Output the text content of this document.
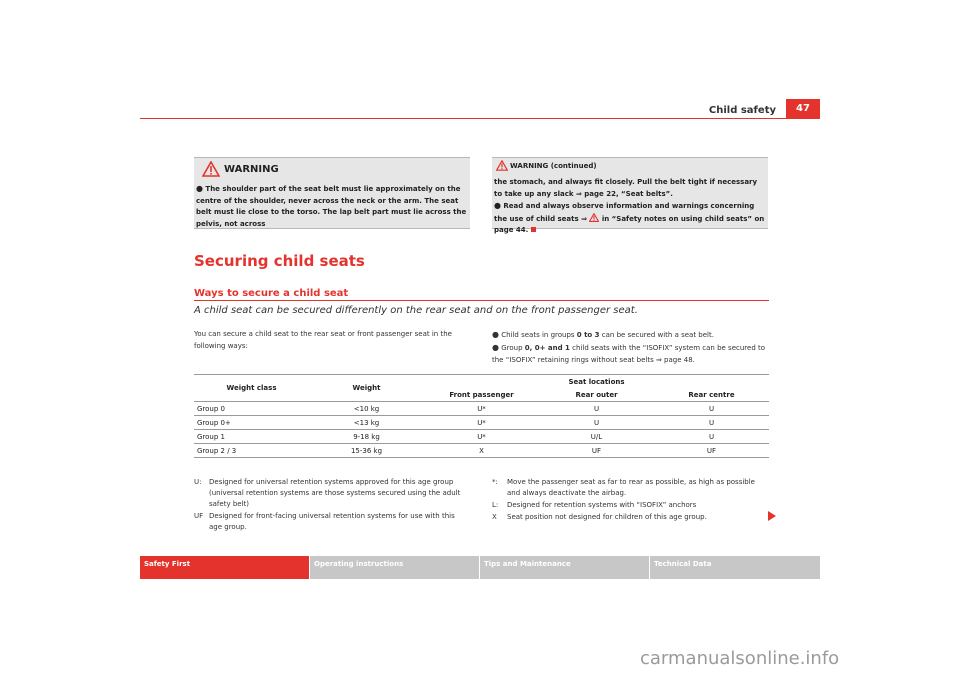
Child safety	47
WARNING
● The shoulder part of the seat belt must lie approximately on the centre of the shoulder, never across the neck or the arm. The seat belt must lie close to the torso. The lap belt part must lie across the pelvis, not across
WARNING (continued)
the stomach, and always fit closely. Pull the belt tight if necessary to take up any slack ⇒ page 22, “Seat belts”.
● Read and always observe information and warnings concerning the use of child seats ⇒  in “Safety notes on using child seats” on page 44.
Securing child seats
Ways to secure a child seat
A child seat can be secured differently on the rear seat and on the front passenger seat.
You can secure a child seat to the rear seat or front passenger seat in the following ways:
● Child seats in groups 0 to 3 can be secured with a seat belt.
● Group 0, 0+ and 1 child seats with the “ISOFIX” system can be secured to the “ISOFIX” retaining rings without seat belts ⇒ page 48.
Weight class	Weight	Seat locations		
		Front passenger	Rear outer	Rear centre
Group 0	<10 kg	U*	U	U
Group 0+	<13 kg	U*	U	U
Group 1	9-18 kg	U*	U/L	U
Group 2 / 3	15-36 kg	X	UF	UF
U: Designed for universal retention systems approved for this age group (universal retention systems are those systems secured using the adult safety belt)
UF Designed for front-facing universal retention systems for use with this age group.
*: Move the passenger seat as far to rear as possible, as high as possible and always deactivate the airbag.
L: Designed for retention systems with “ISOFIX” anchors
X Seat position not designed for children of this age group.
Safety First	Operating instructions	Tips and Maintenance	Technical Data
carmanualsonline.info
